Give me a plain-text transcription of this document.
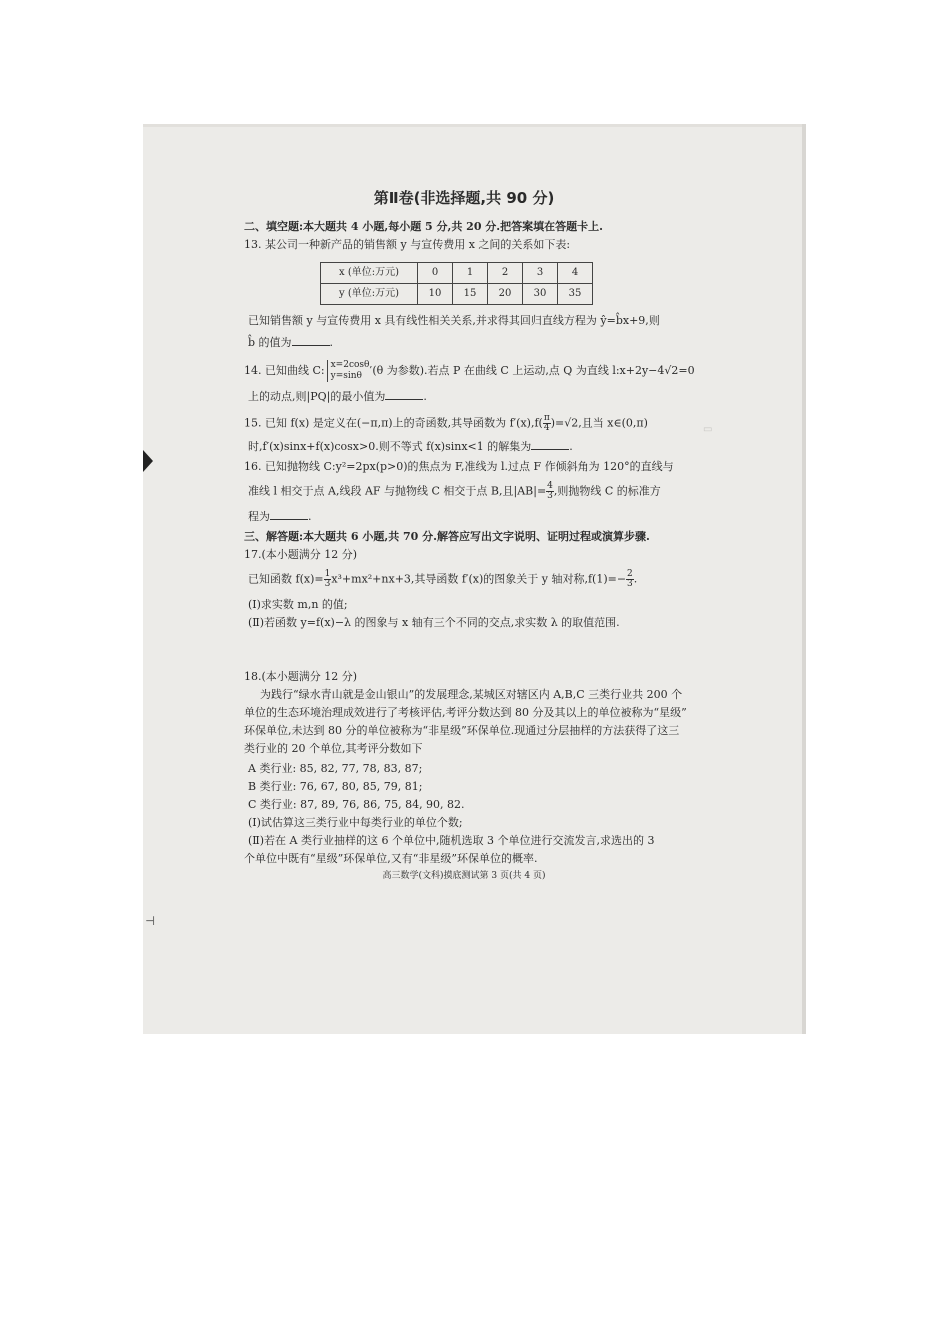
⊣
▭
第Ⅱ卷(非选择题,共 90 分)
二、填空题:本大题共 4 小题,每小题 5 分,共 20 分.把答案填在答题卡上.
13. 某公司一种新产品的销售额 y 与宣传费用 x 之间的关系如下表:
x (单位:万元)	0	1	2	3	4
y (单位:万元)	10	15	20	30	35
已知销售额 y 与宣传费用 x 具有线性相关关系,并求得其回归直线方程为 ŷ=b̂x+9,则
b̂ 的值为	.
14. 已知曲线 C: x=2cosθ,
y=sinθ (θ 为参数).若点 P 在曲线 C 上运动,点 Q 为直线 l:x+2y−4√2=0
上的动点,则|PQ|的最小值为	.
15. 已知 f(x) 是定义在(−π,π)上的奇函数,其导函数为 $f'(x),f( \frac{\pi}{4} )=√2$,且当 x∈(0,π)
时,f′(x)sinx+f(x)cosx>0.则不等式 f(x)sinx<1 的解集为	.
16. 已知抛物线 C:y²=2px(p>0)的焦点为 F,准线为 l.过点 F 作倾斜角为 120°的直线与
准线 l 相交于点 A,线段 AF 与抛物线 C 相交于点 B,且$|AB|= \frac{4}{3}$ ,则抛物线 C 的标准方
程为	.
三、解答题:本大题共 6 小题,共 70 分.解答应写出文字说明、证明过程或演算步骤.
17.(本小题满分 12 分)
已知函数 $f(x)= \frac{1}{3} x^3+mx^2+nx+3$,其导函数 f′(x)的图象关于 y 轴对称$,f(1)=- \frac{2}{3}$ .
(Ⅰ)求实数 m,n 的值;
(Ⅱ)若函数 y=f(x)−λ 的图象与 x 轴有三个不同的交点,求实数 λ 的取值范围.
18.(本小题满分 12 分)
为践行“绿水青山就是金山银山”的发展理念,某城区对辖区内 A,B,C 三类行业共 200 个
单位的生态环境治理成效进行了考核评估,考评分数达到 80 分及其以上的单位被称为“星级”
环保单位,未达到 80 分的单位被称为“非星级”环保单位.现通过分层抽样的方法获得了这三
类行业的 20 个单位,其考评分数如下
A 类行业: 85, 82, 77, 78, 83, 87;
B 类行业: 76, 67, 80, 85, 79, 81;
C 类行业: 87, 89, 76, 86, 75, 84, 90, 82.
(Ⅰ)试估算这三类行业中每类行业的单位个数;
(Ⅱ)若在 A 类行业抽样的这 6 个单位中,随机选取 3 个单位进行交流发言,求选出的 3
个单位中既有“星级”环保单位,又有“非星级”环保单位的概率.
高三数学(文科)摸底测试第 3 页(共 4 页)
